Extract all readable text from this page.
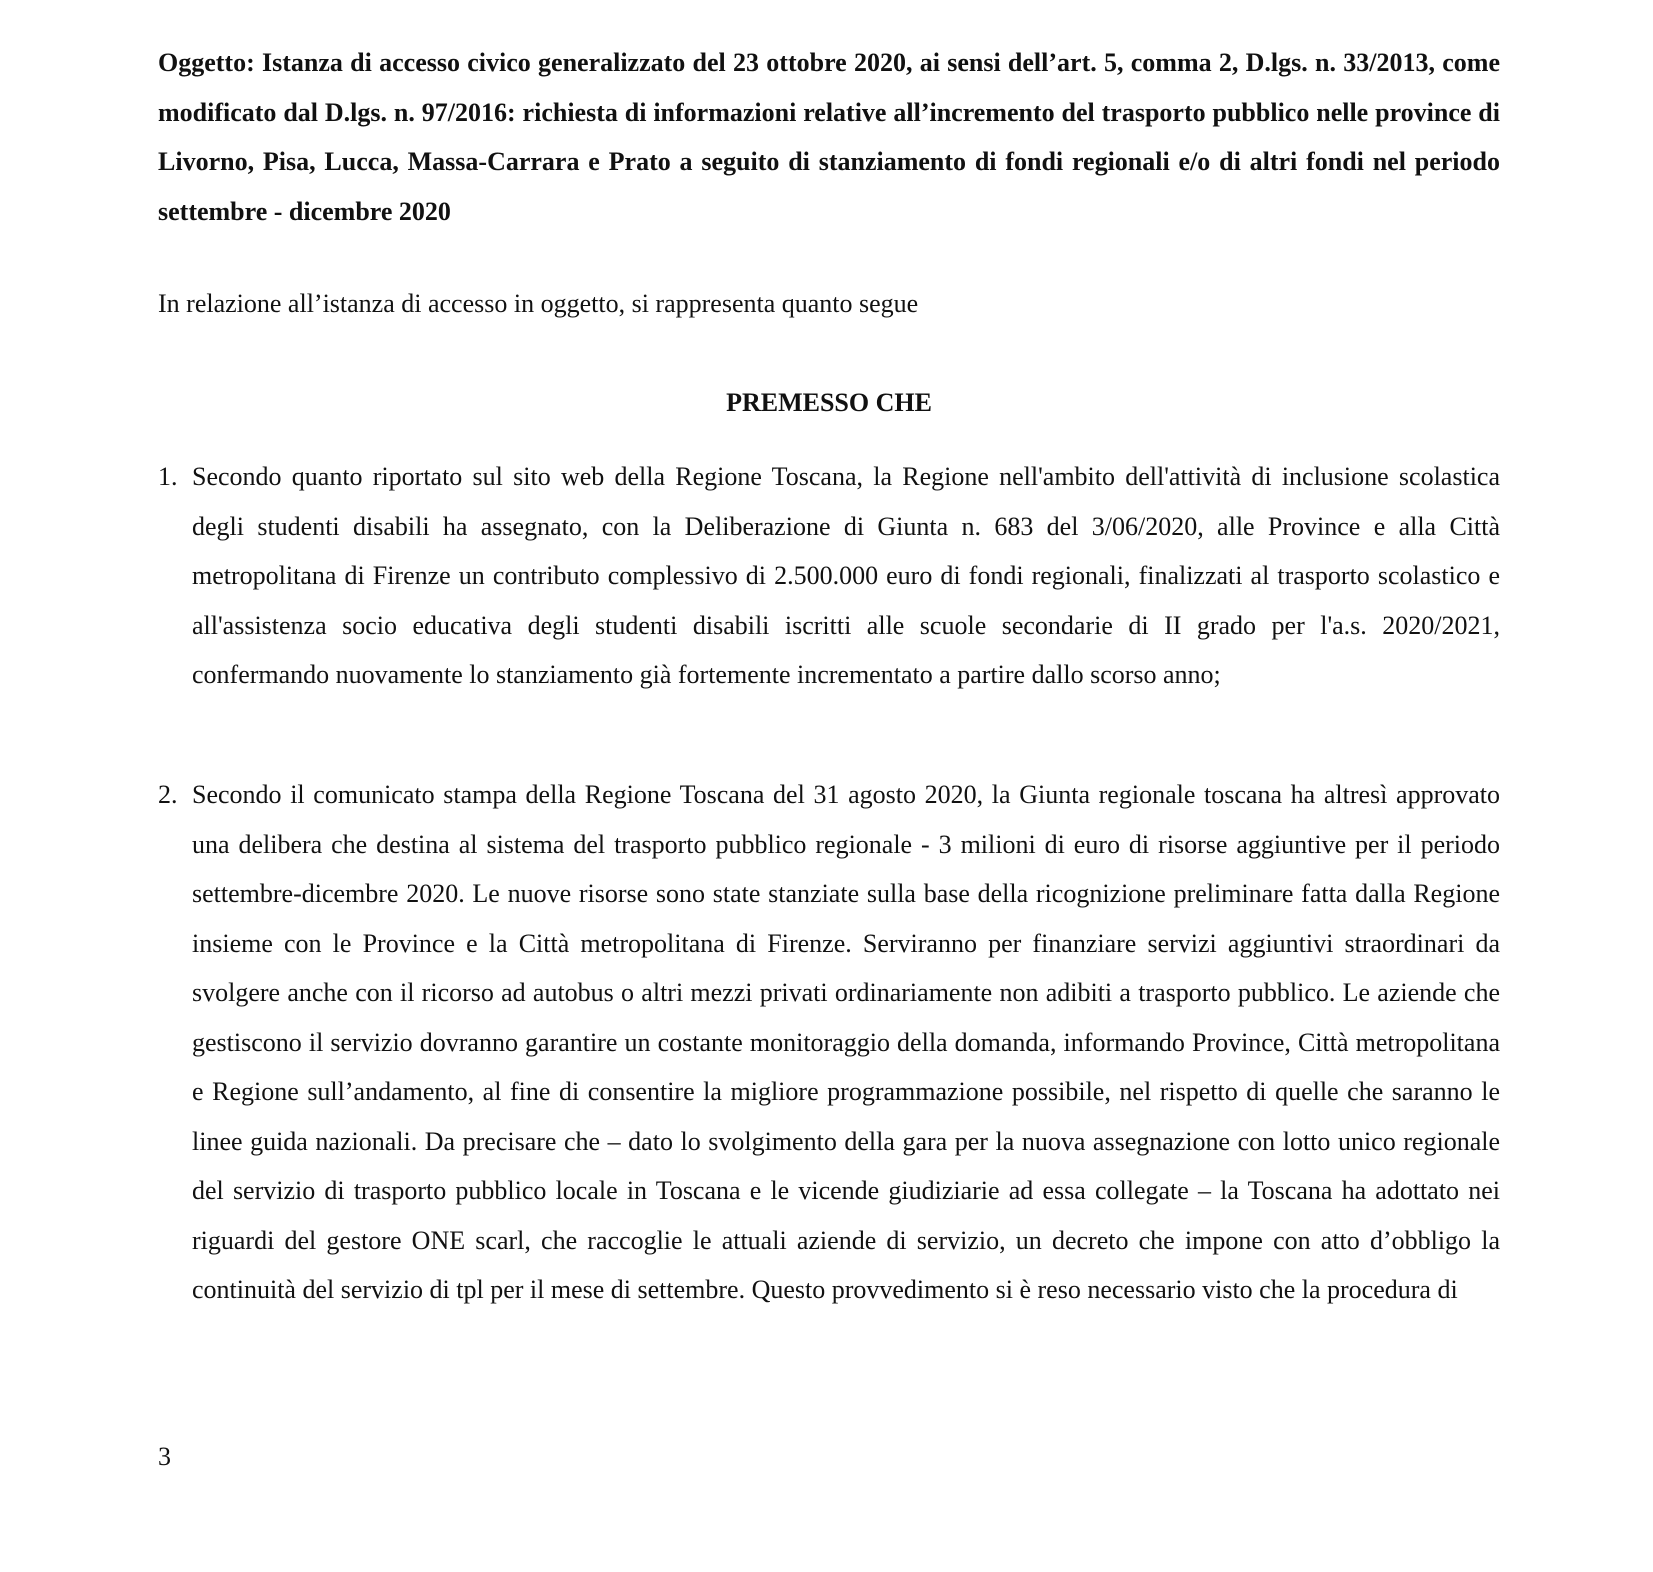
Oggetto: Istanza di accesso civico generalizzato del 23 ottobre 2020, ai sensi dell’art. 5, comma 2, D.lgs. n. 33/2013, come modificato dal D.lgs. n. 97/2016: richiesta di informazioni relative all’incremento del trasporto pubblico nelle province di Livorno, Pisa, Lucca, Massa-Carrara e Prato a seguito di stanziamento di fondi regionali e/o di altri fondi nel periodo settembre - dicembre 2020
In relazione all’istanza di accesso in oggetto, si rappresenta quanto segue
PREMESSO CHE
1. Secondo quanto riportato sul sito web della Regione Toscana, la Regione nell'ambito dell'attività di inclusione scolastica degli studenti disabili ha assegnato, con la Deliberazione di Giunta n. 683 del 3/06/2020, alle Province e alla Città metropolitana di Firenze un contributo complessivo di 2.500.000 euro di fondi regionali, finalizzati al trasporto scolastico e all'assistenza socio educativa degli studenti disabili iscritti alle scuole secondarie di II grado per l'a.s. 2020/2021, confermando nuovamente lo stanziamento già fortemente incrementato a partire dallo scorso anno;
2. Secondo il comunicato stampa della Regione Toscana del 31 agosto 2020, la Giunta regionale toscana ha altresì approvato una delibera che destina al sistema del trasporto pubblico regionale - 3 milioni di euro di risorse aggiuntive per il periodo settembre-dicembre 2020. Le nuove risorse sono state stanziate sulla base della ricognizione preliminare fatta dalla Regione insieme con le Province e la Città metropolitana di Firenze. Serviranno per finanziare servizi aggiuntivi straordinari da svolgere anche con il ricorso ad autobus o altri mezzi privati ordinariamente non adibiti a trasporto pubblico. Le aziende che gestiscono il servizio dovranno garantire un costante monitoraggio della domanda, informando Province, Città metropolitana e Regione sull’andamento, al fine di consentire la migliore programmazione possibile, nel rispetto di quelle che saranno le linee guida nazionali. Da precisare che – dato lo svolgimento della gara per la nuova assegnazione con lotto unico regionale del servizio di trasporto pubblico locale in Toscana e le vicende giudiziarie ad essa collegate – la Toscana ha adottato nei riguardi del gestore ONE scarl, che raccoglie le attuali aziende di servizio, un decreto che impone con atto d’obbligo la continuità del servizio di tpl per il mese di settembre. Questo provvedimento si è reso necessario visto che la procedura di
3
